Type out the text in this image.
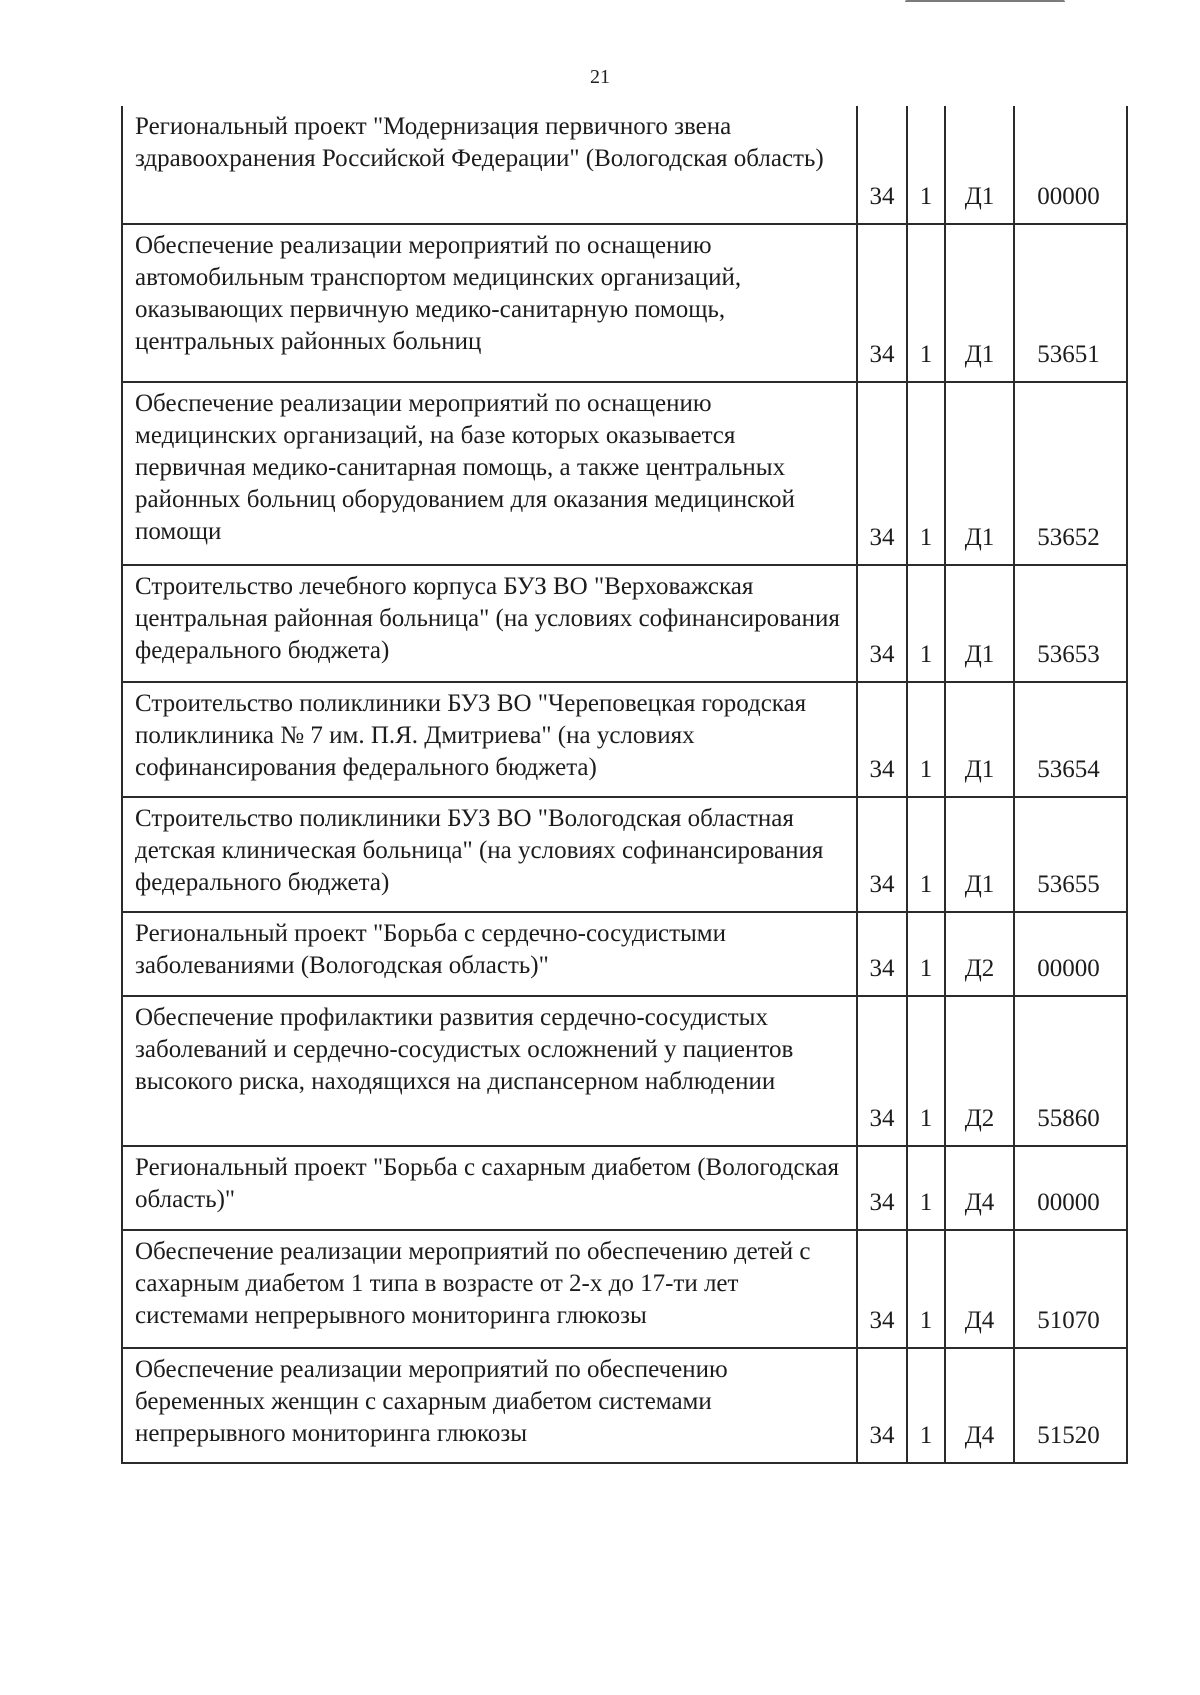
21
Региональный проект "Модернизация первичного звена здравоохранения Российской Федерации" (Вологодская область)	34	1	Д1	00000
Обеспечение реализации мероприятий по оснащению автомобильным транспортом медицинских организаций, оказывающих первичную медико-санитарную помощь, центральных районных больниц	34	1	Д1	53651
Обеспечение реализации мероприятий по оснащению медицинских организаций, на базе которых оказывается первичная медико-санитарная помощь, а также центральных районных больниц оборудованием для оказания медицинской помощи	34	1	Д1	53652
Строительство лечебного корпуса БУЗ ВО "Верховажская центральная районная больница" (на условиях софинансирования федерального бюджета)	34	1	Д1	53653
Строительство поликлиники БУЗ ВО "Череповецкая городская поликлиника № 7 им. П.Я. Дмитриева" (на условиях софинансирования федерального бюджета)	34	1	Д1	53654
Строительство поликлиники БУЗ ВО "Вологодская областная детская клиническая больница" (на условиях софинансирования федерального бюджета)	34	1	Д1	53655
Региональный проект "Борьба с сердечно-сосудистыми заболеваниями (Вологодская область)"	34	1	Д2	00000
Обеспечение профилактики развития сердечно-сосудистых заболеваний и сердечно-сосудистых осложнений у пациентов высокого риска, находящихся на диспансерном наблюдении	34	1	Д2	55860
Региональный проект "Борьба с сахарным диабетом (Вологодская область)"	34	1	Д4	00000
Обеспечение реализации мероприятий по обеспечению детей с сахарным диабетом 1 типа в возрасте от 2-х до 17-ти лет системами непрерывного мониторинга глюкозы	34	1	Д4	51070
Обеспечение реализации мероприятий по обеспечению беременных женщин с сахарным диабетом системами непрерывного мониторинга глюкозы	34	1	Д4	51520
